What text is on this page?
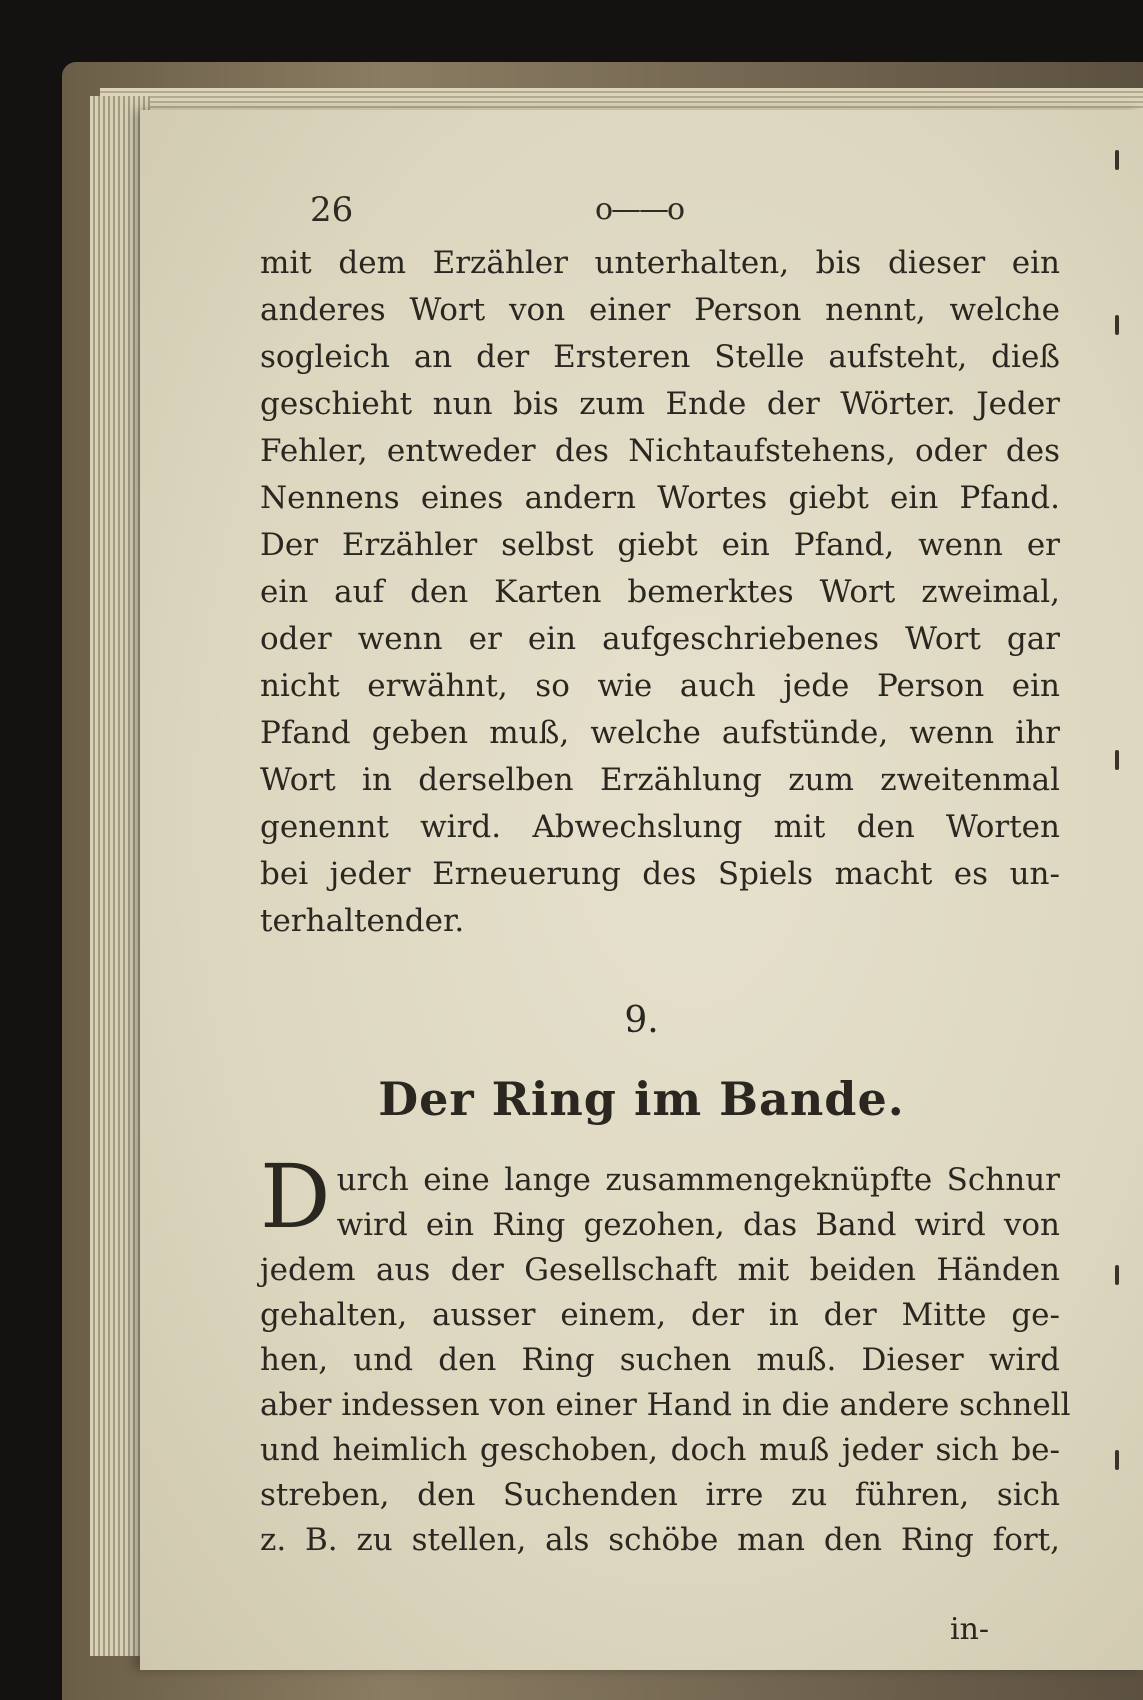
26	o——o
mit dem Erzähler unterhalten, bis dieser ein
anderes Wort von einer Person nennt, welche
sogleich an der Ersteren Stelle aufsteht, dieß
geschieht nun bis zum Ende der Wörter. Jeder
Fehler, entweder des Nichtaufstehens, oder des
Nennens eines andern Wortes giebt ein Pfand.
Der Erzähler selbst giebt ein Pfand, wenn er
ein auf den Karten bemerktes Wort zweimal,
oder wenn er ein aufgeschriebenes Wort gar
nicht erwähnt, so wie auch jede Person ein
Pfand geben muß, welche aufstünde, wenn ihr
Wort in derselben Erzählung zum zweitenmal
genennt wird. Abwechslung mit den Worten
bei jeder Erneuerung des Spiels macht es un-
terhaltender.
9.
Der Ring im Bande.
D urch eine lange zusammengeknüpfte Schnur
wird ein Ring gezohen, das Band wird von
jedem aus der Gesellschaft mit beiden Händen
gehalten, ausser einem, der in der Mitte ge-
hen, und den Ring suchen muß. Dieser wird
aber indessen von einer Hand in die andere schnell
und heimlich geschoben, doch muß jeder sich be-
streben, den Suchenden irre zu führen, sich
z. B. zu stellen, als schöbe man den Ring fort,
in-
